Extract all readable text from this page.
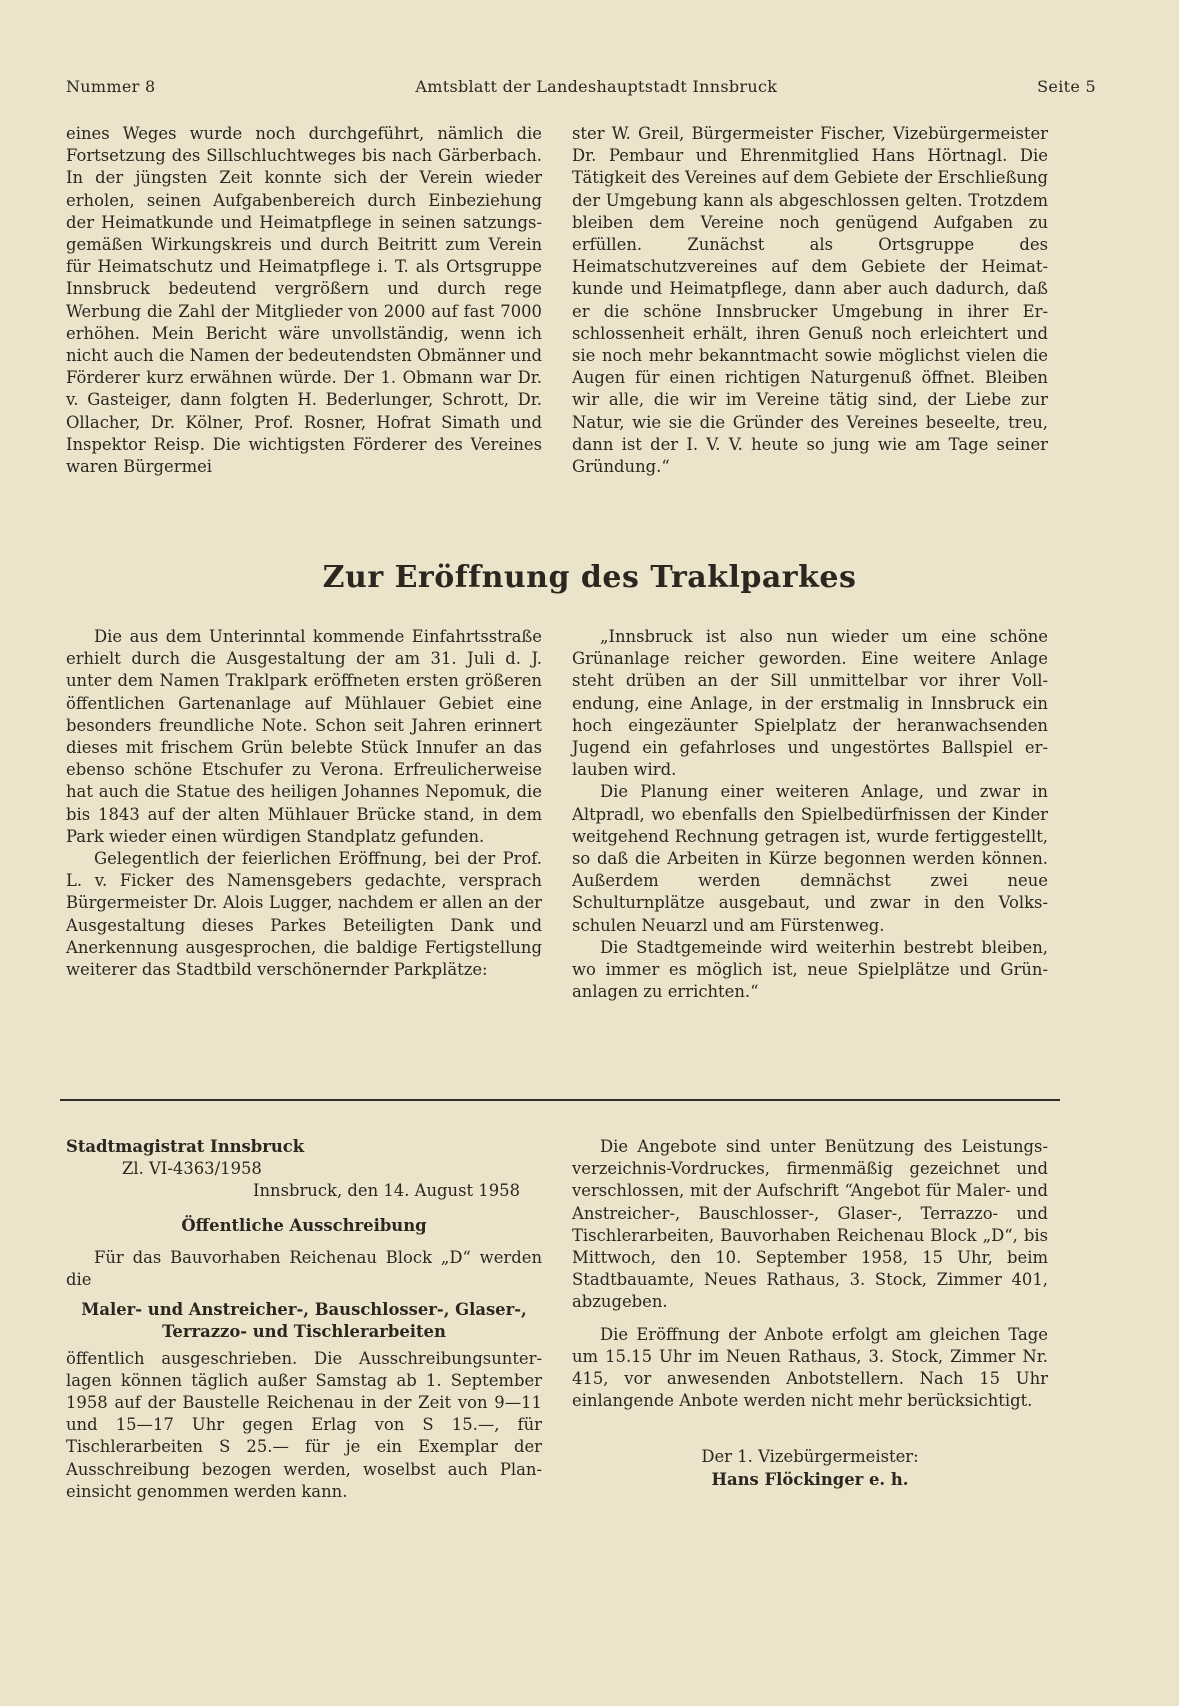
Nummer 8	Amtsblatt der Landeshauptstadt Innsbruck	Seite 5

eines Weges wurde noch durchgeführt, nämlich die Fortsetzung des Sillschluchtweges bis nach Gärberbach. In der jüngsten Zeit konnte sich der Verein wieder erholen, seinen Aufgabenbereich durch Einbeziehung der Heimatkunde und Heimatpflege in seinen satzungsgemäßen Wirkungskreis und durch Beitritt zum Verein für Heimatschutz und Heimatpflege i. T. als Ortsgruppe Innsbruck bedeutend vergrößern und durch rege Werbung die Zahl der Mitglieder von 2000 auf fast 7000 erhöhen. Mein Bericht wäre unvollständig, wenn ich nicht auch die Namen der bedeutendsten Obmänner und Förderer kurz erwähnen würde. Der 1. Obmann war Dr. v. Gasteiger, dann folgten H. Bederlunger, Schrott, Dr. Ollacher, Dr. Kölner, Prof. Rosner, Hofrat Simath und Inspektor Reisp. Die wichtigsten Förderer des Vereines waren Bürgermei

ster W. Greil, Bürgermeister Fischer, Vizebürgermeister Dr. Pembaur und Ehrenmitglied Hans Hörtnagl. Die Tätigkeit des Vereines auf dem Gebiete der Erschließung der Umgebung kann als abgeschlossen gelten. Trotzdem bleiben dem Vereine noch genügend Aufgaben zu erfüllen. Zunächst als Ortsgruppe des Heimatschutzvereines auf dem Gebiete der Heimatkunde und Heimatpflege, dann aber auch dadurch, daß er die schöne Innsbrucker Umgebung in ihrer Erschlossenheit erhält, ihren Genuß noch erleichtert und sie noch mehr bekanntmacht sowie möglichst vielen die Augen für einen richtigen Naturgenuß öffnet. Bleiben wir alle, die wir im Vereine tätig sind, der Liebe zur Natur, wie sie die Gründer des Vereines beseelte, treu, dann ist der I. V. V. heute so jung wie am Tage seiner Gründung.“

Zur Eröffnung des Traklparkes

Die aus dem Unterinntal kommende Einfahrtsstraße erhielt durch die Ausgestaltung der am 31. Juli d. J. unter dem Namen Traklpark eröffneten ersten größeren öffentlichen Gartenanlage auf Mühlauer Gebiet eine besonders freundliche Note. Schon seit Jahren erinnert dieses mit frischem Grün belebte Stück Innufer an das ebenso schöne Etschufer zu Verona. Erfreulicherweise hat auch die Statue des heiligen Johannes Nepomuk, die bis 1843 auf der alten Mühlauer Brücke stand, in dem Park wieder einen würdigen Standplatz gefunden.

Gelegentlich der feierlichen Eröffnung, bei der Prof. L. v. Ficker des Namensgebers gedachte, versprach Bürgermeister Dr. Alois Lugger, nachdem er allen an der Ausgestaltung dieses Parkes Beteiligten Dank und Anerkennung ausgesprochen, die baldige Fertigstellung weiterer das Stadtbild verschönernder Parkplätze:

„Innsbruck ist also nun wieder um eine schöne Grünanlage reicher geworden. Eine weitere Anlage steht drüben an der Sill unmittelbar vor ihrer Vollendung, eine Anlage, in der erstmalig in Innsbruck ein hoch eingezäunter Spielplatz der heranwachsenden Jugend ein gefahrloses und ungestörtes Ballspiel erlauben wird.

Die Planung einer weiteren Anlage, und zwar in Altpradl, wo ebenfalls den Spielbedürfnissen der Kinder weitgehend Rechnung getragen ist, wurde fertiggestellt, so daß die Arbeiten in Kürze begonnen werden können. Außerdem werden demnächst zwei neue Schulturnplätze ausgebaut, und zwar in den Volksschulen Neuarzl und am Fürstenweg.

Die Stadtgemeinde wird weiterhin bestrebt bleiben, wo immer es möglich ist, neue Spielplätze und Grünanlagen zu errichten.“

Stadtmagistrat Innsbruck

Zl. VI-4363/1958

Innsbruck, den 14. August 1958

Öffentliche Ausschreibung

Für das Bauvorhaben Reichenau Block „D“ werden die

Maler- und Anstreicher-, Bauschlosser-, Glaser-, Terrazzo- und Tischlerarbeiten

öffentlich ausgeschrieben. Die Ausschreibungsunterlagen können täglich außer Samstag ab 1. September 1958 auf der Baustelle Reichenau in der Zeit von 9—11 und 15—17 Uhr gegen Erlag von S 15.—, für Tischlerarbeiten S 25.— für je ein Exemplar der Ausschreibung bezogen werden, woselbst auch Planeinsicht genommen werden kann.

Die Angebote sind unter Benützung des Leistungsverzeichnis-Vordruckes, firmenmäßig gezeichnet und verschlossen, mit der Aufschrift “Angebot für Maler- und Anstreicher-, Bauschlosser-, Glaser-, Terrazzo- und Tischlerarbeiten, Bauvorhaben Reichenau Block „D“, bis Mittwoch, den 10. September 1958, 15 Uhr, beim Stadtbauamte, Neues Rathaus, 3. Stock, Zimmer 401, abzugeben.

Die Eröffnung der Anbote erfolgt am gleichen Tage um 15.15 Uhr im Neuen Rathaus, 3. Stock, Zimmer Nr. 415, vor anwesenden Anbotstellern. Nach 15 Uhr einlangende Anbote werden nicht mehr berücksichtigt.

Der 1. Vizebürgermeister:

Hans Flöckinger e. h.
